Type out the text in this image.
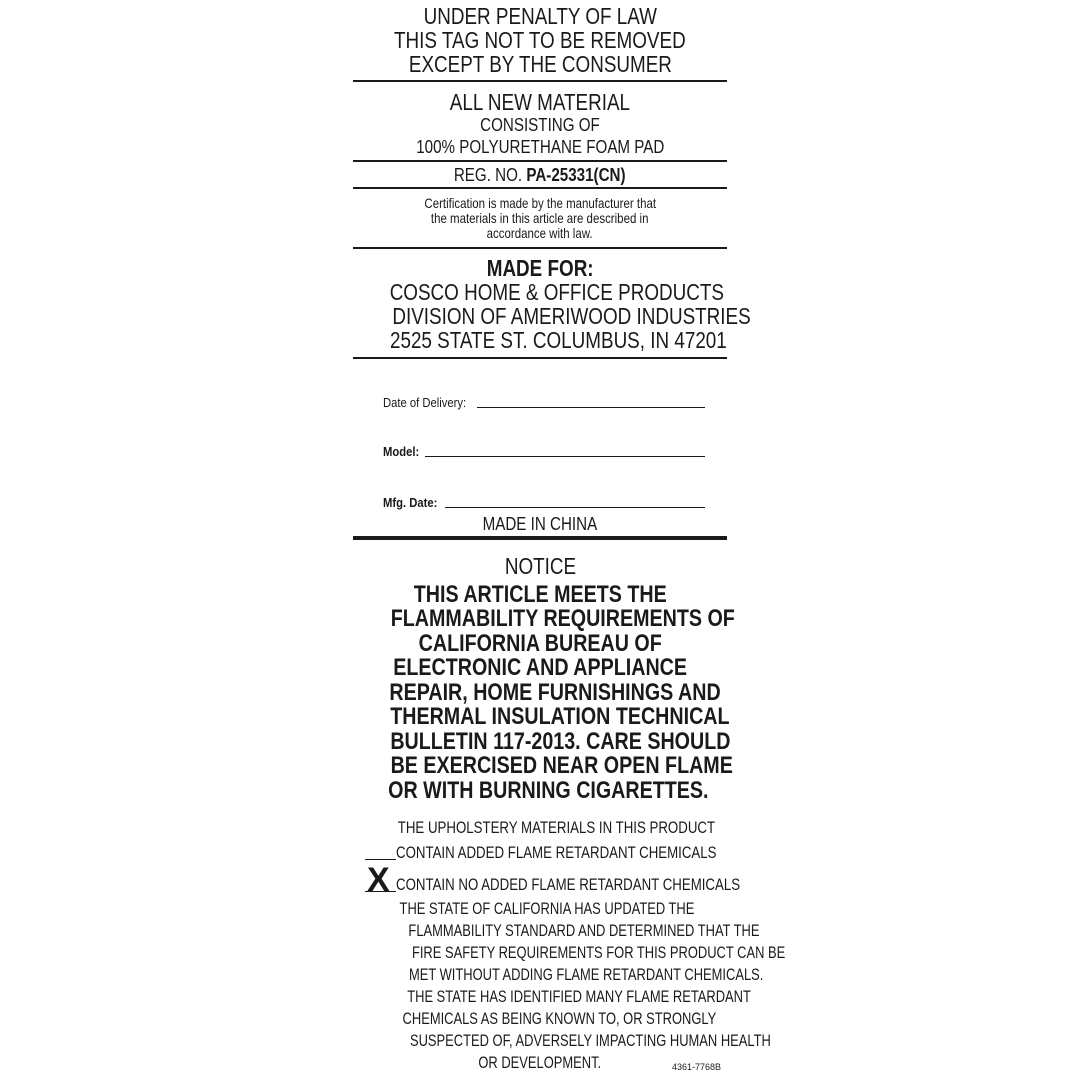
UNDER PENALTY OF LAW
THIS TAG NOT TO BE REMOVED
EXCEPT BY THE CONSUMER
ALL NEW MATERIAL
CONSISTING OF
100% POLYURETHANE FOAM PAD
REG. NO. PA-25331(CN)
Certification is made by the manufacturer that
the materials in this article are described in
accordance with law.
MADE FOR:
COSCO HOME & OFFICE PRODUCTS
DIVISION OF AMERIWOOD INDUSTRIES
2525 STATE ST. COLUMBUS, IN 47201
Date of Delivery:
Model:
Mfg. Date:
MADE IN CHINA
NOTICE
THIS ARTICLE MEETS THE
FLAMMABILITY REQUIREMENTS OF
CALIFORNIA BUREAU OF
ELECTRONIC AND APPLIANCE
REPAIR, HOME FURNISHINGS AND
THERMAL INSULATION TECHNICAL
BULLETIN 117-2013. CARE SHOULD
BE EXERCISED NEAR OPEN FLAME
OR WITH BURNING CIGARETTES.
THE UPHOLSTERY MATERIALS IN THIS PRODUCT
CONTAIN ADDED FLAME RETARDANT CHEMICALS
X CONTAIN NO ADDED FLAME RETARDANT CHEMICALS
THE STATE OF CALIFORNIA HAS UPDATED THE
FLAMMABILITY STANDARD AND DETERMINED THAT THE
FIRE SAFETY REQUIREMENTS FOR THIS PRODUCT CAN BE
MET WITHOUT ADDING FLAME RETARDANT CHEMICALS.
THE STATE HAS IDENTIFIED MANY FLAME RETARDANT
CHEMICALS AS BEING KNOWN TO, OR STRONGLY
SUSPECTED OF, ADVERSELY IMPACTING HUMAN HEALTH
OR DEVELOPMENT.	4361-7768B
